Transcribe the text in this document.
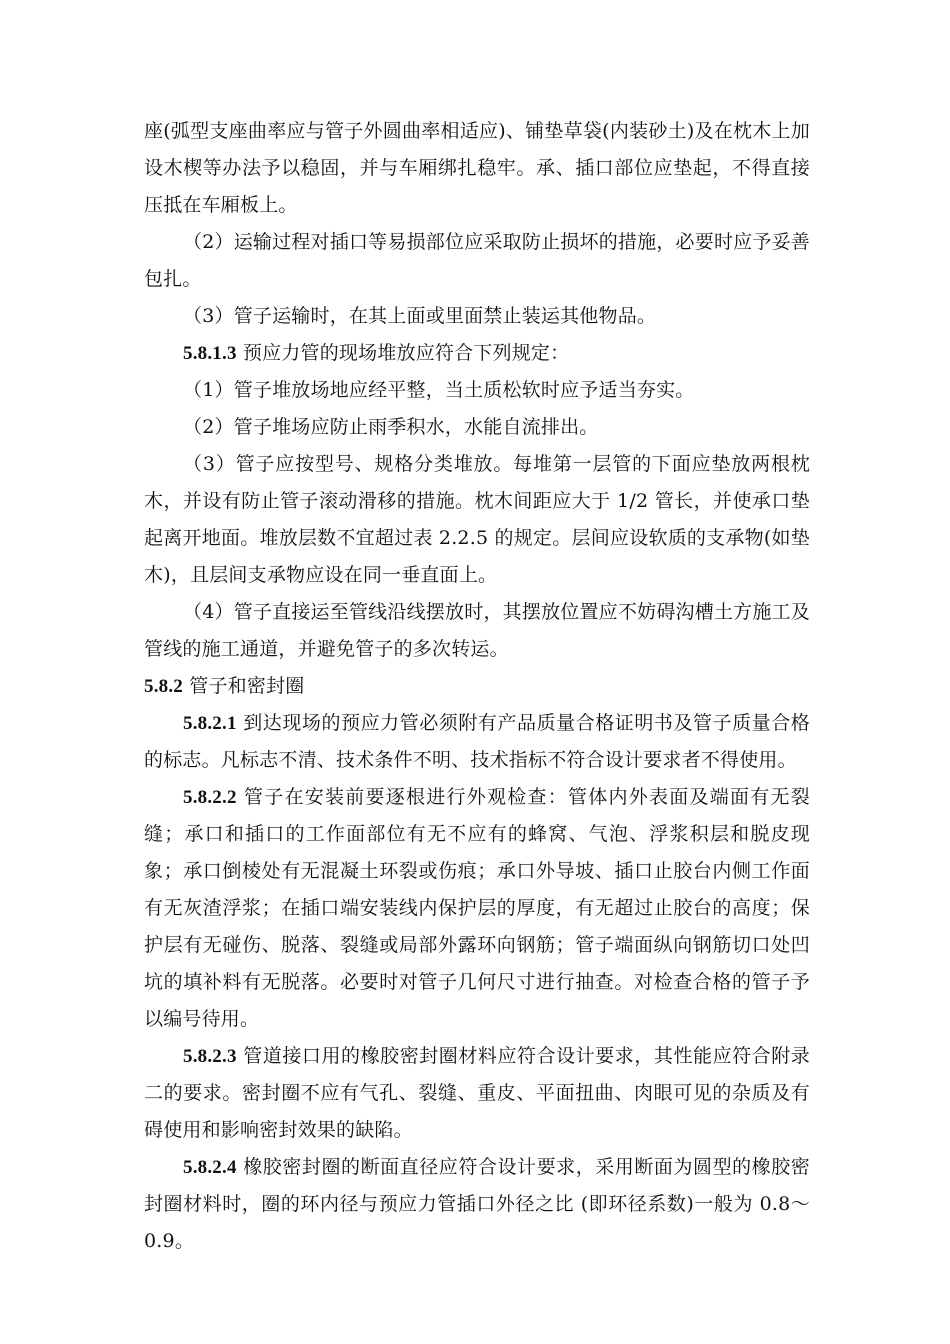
座(弧型支座曲率应与管子外圆曲率相适应)、铺垫草袋(内装砂土)及在枕木上加设木楔等办法予以稳固，并与车厢绑扎稳牢。承、插口部位应垫起，不得直接压抵在车厢板上。

（2）运输过程对插口等易损部位应采取防止损坏的措施，必要时应予妥善包扎。

（3）管子运输时，在其上面或里面禁止装运其他物品。

5.8.1.3 预应力管的现场堆放应符合下列规定：

（1）管子堆放场地应经平整，当土质松软时应予适当夯实。

（2）管子堆场应防止雨季积水，水能自流排出。

（3）管子应按型号、规格分类堆放。每堆第一层管的下面应垫放两根枕木，并设有防止管子滚动滑移的措施。枕木间距应大于 1/2 管长，并使承口垫起离开地面。堆放层数不宜超过表 2.2.5 的规定。层间应设软质的支承物(如垫木)，且层间支承物应设在同一垂直面上。

（4）管子直接运至管线沿线摆放时，其摆放位置应不妨碍沟槽土方施工及管线的施工通道，并避免管子的多次转运。

5.8.2 管子和密封圈

5.8.2.1 到达现场的预应力管必须附有产品质量合格证明书及管子质量合格的标志。凡标志不清、技术条件不明、技术指标不符合设计要求者不得使用。

5.8.2.2 管子在安装前要逐根进行外观检查：管体内外表面及端面有无裂缝；承口和插口的工作面部位有无不应有的蜂窝、气泡、浮浆积层和脱皮现象；承口倒棱处有无混凝土环裂或伤痕；承口外导坡、插口止胶台内侧工作面有无灰渣浮浆；在插口端安装线内保护层的厚度，有无超过止胶台的高度；保护层有无碰伤、脱落、裂缝或局部外露环向钢筋；管子端面纵向钢筋切口处凹坑的填补料有无脱落。必要时对管子几何尺寸进行抽查。对检查合格的管子予以编号待用。

5.8.2.3 管道接口用的橡胶密封圈材料应符合设计要求，其性能应符合附录二的要求。密封圈不应有气孔、裂缝、重皮、平面扭曲、肉眼可见的杂质及有碍使用和影响密封效果的缺陷。

5.8.2.4 橡胶密封圈的断面直径应符合设计要求，采用断面为圆型的橡胶密封圈材料时，圈的环内径与预应力管插口外径之比 (即环径系数)一般为 0.8～0.9。
